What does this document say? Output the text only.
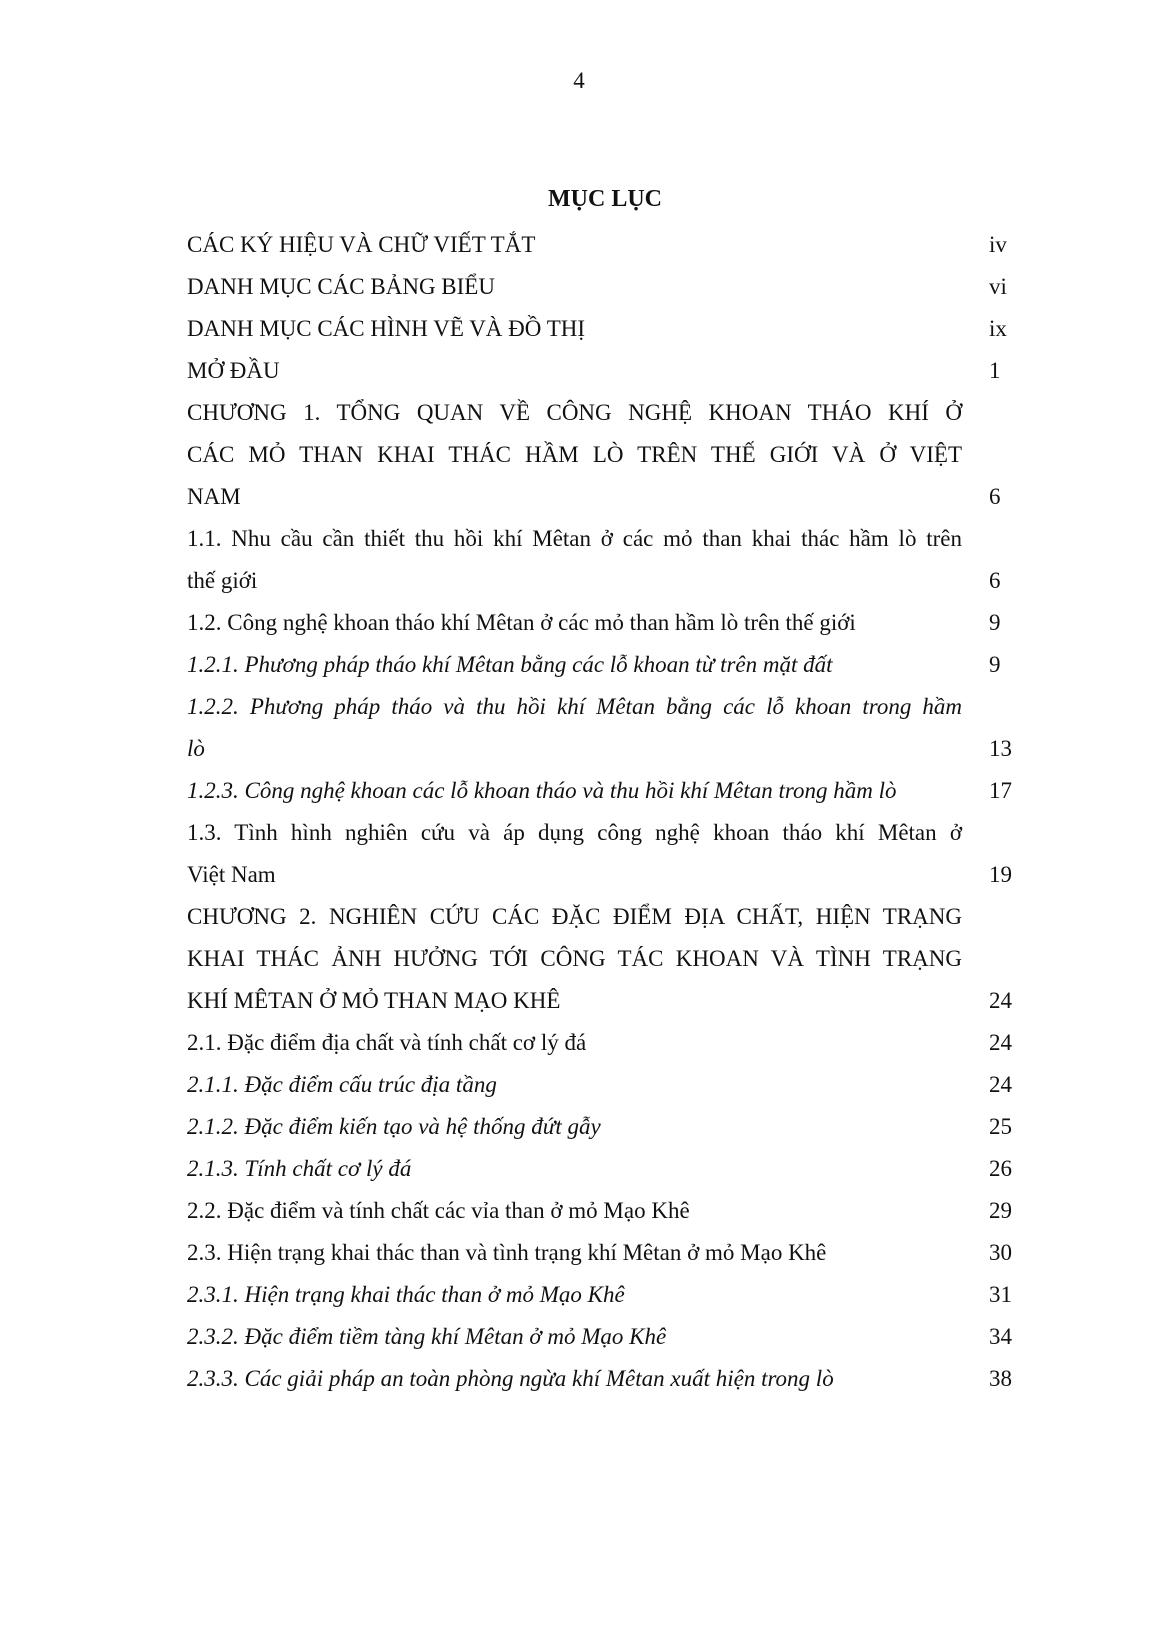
4
MỤC LỤC
CÁC KÝ HIỆU VÀ CHỮ VIẾT TẮT	iv
DANH MỤC CÁC BẢNG BIỂU	vi
DANH MỤC CÁC HÌNH VẼ VÀ ĐỒ THỊ	ix
MỞ ĐẦU	1
CHƯƠNG 1. TỔNG QUAN VỀ CÔNG NGHỆ KHOAN THÁO KHÍ Ở
CÁC MỎ THAN KHAI THÁC HẦM LÒ TRÊN THẾ GIỚI VÀ Ở VIỆT
NAM	6
1.1. Nhu cầu cần thiết thu hồi khí Mêtan ở các mỏ than khai thác hầm lò trên
thế giới	6
1.2. Công nghệ khoan tháo khí Mêtan ở các mỏ than hầm lò trên thế giới	9
1.2.1. Phương pháp tháo khí Mêtan bằng các lỗ khoan từ trên mặt đất	9
1.2.2. Phương pháp tháo và thu hồi khí Mêtan bằng các lỗ khoan trong hầm
lò	13
1.2.3. Công nghệ khoan các lỗ khoan tháo và thu hồi khí Mêtan trong hầm lò	17
1.3. Tình hình nghiên cứu và áp dụng công nghệ khoan tháo khí Mêtan ở
Việt Nam	19
CHƯƠNG 2. NGHIÊN CỨU CÁC ĐẶC ĐIỂM ĐỊA CHẤT, HIỆN TRẠNG
KHAI THÁC ẢNH HƯỞNG TỚI CÔNG TÁC KHOAN VÀ TÌNH TRẠNG
KHÍ MÊTAN Ở MỎ THAN MẠO KHÊ	24
2.1. Đặc điểm địa chất và tính chất cơ lý đá	24
2.1.1. Đặc điểm cấu trúc địa tầng	24
2.1.2. Đặc điểm kiến tạo và hệ thống đứt gẫy	25
2.1.3. Tính chất cơ lý đá	26
2.2. Đặc điểm và tính chất các vỉa than ở mỏ Mạo Khê	29
2.3. Hiện trạng khai thác than và tình trạng khí Mêtan ở mỏ Mạo Khê	30
2.3.1. Hiện trạng khai thác than ở mỏ Mạo Khê	31
2.3.2. Đặc điểm tiềm tàng khí Mêtan ở mỏ Mạo Khê	34
2.3.3. Các giải pháp an toàn phòng ngừa khí Mêtan xuất hiện trong lò	38
